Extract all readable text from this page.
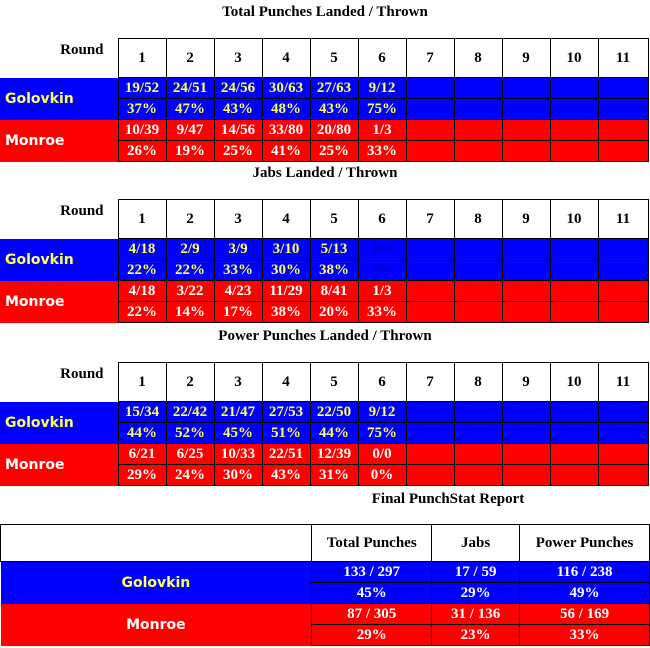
Total Punches Landed / Thrown
Round	1	2	3	4	5	6	7	8	9	10	11
Golovkin	19/52	24/51	24/56	30/63	27/63	9/12					
	37%	47%	43%	48%	43%	75%					
Monroe	10/39	9/47	14/56	33/80	20/80	1/3					
	26%	19%	25%	41%	25%	33%					
Jabs Landed / Thrown
Round	1	2	3	4	5	6	7	8	9	10	11
Golovkin	4/18	2/9	3/9	3/10	5/13	0/0					
	22%	22%	33%	30%	38%	0%					
Monroe	4/18	3/22	4/23	11/29	8/41	1/3					
	22%	14%	17%	38%	20%	33%					
Power Punches Landed / Thrown
Round	1	2	3	4	5	6	7	8	9	10	11
Golovkin	15/34	22/42	21/47	27/53	22/50	9/12					
	44%	52%	45%	51%	44%	75%					
Monroe	6/21	6/25	10/33	22/51	12/39	0/0					
	29%	24%	30%	43%	31%	0%					
Final PunchStat Report
	Total Punches	Jabs	Power Punches
Golovkin	133 / 297	17 / 59	116 / 238
	45%	29%	49%
Monroe	87 / 305	31 / 136	56 / 169
	29%	23%	33%
